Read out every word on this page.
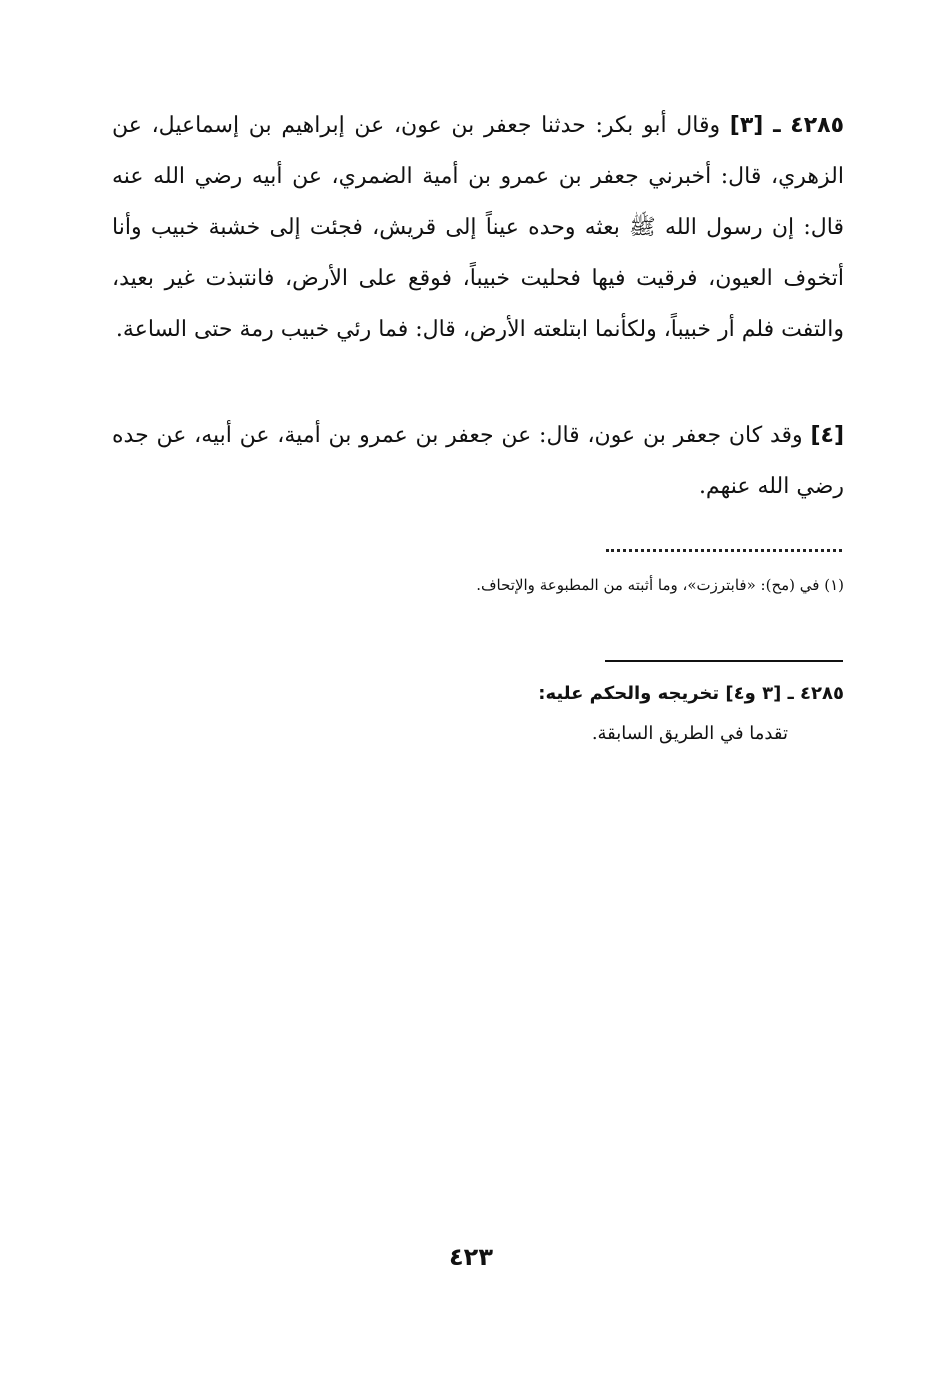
٤٢٨٥ ـ [٣] وقال أبو بكر: حدثنا جعفر بن عون، عن إبراهيم بن إسماعيل، عن الزهري، قال: أخبرني جعفر بن عمرو بن أمية الضمري، عن أبيه رضي الله عنه قال: إن رسول الله ﷺ بعثه وحده عيناً إلى قريش، فجئت إلى خشبة خبيب وأنا أتخوف العيون، فرقيت فيها فحليت خبيباً، فوقع على الأرض، فانتبذت غير بعيد، والتفت فلم أر خبيباً، ولكأنما ابتلعته الأرض، قال: فما رئي خبيب رمة حتى الساعة.
[٤] وقد كان جعفر بن عون، قال: عن جعفر بن عمرو بن أمية، عن أبيه، عن جده رضي الله عنهم.
(١) في (مح): «فابترزت»، وما أثبته من المطبوعة والإتحاف.
٤٢٨٥ ـ [٣ و٤] تخريجه والحكم عليه:
تقدما في الطريق السابقة.
٤٢٣
